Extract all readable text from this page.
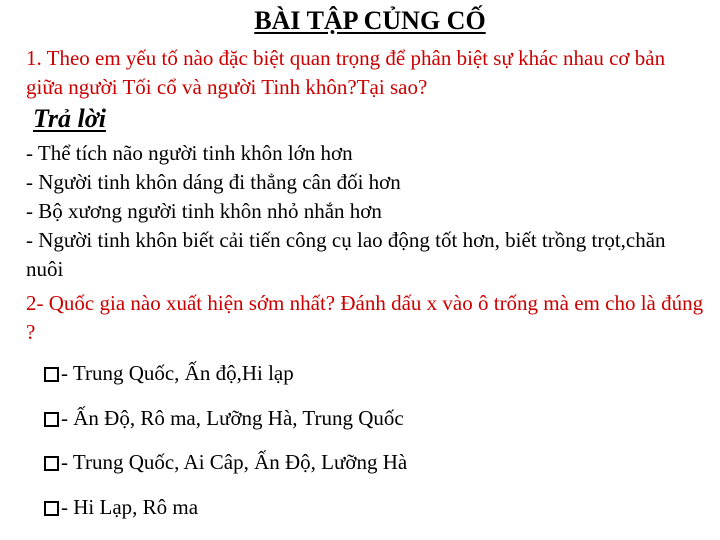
BÀI TẬP CỦNG CỐ
1. Theo em yếu tố nào đặc biệt quan trọng để phân biệt sự khác nhau cơ bản giữa người Tối cổ và người Tinh khôn?Tại sao?
Trả lời
- Thể tích não người tinh khôn lớn hơn
- Người tinh khôn dáng đi thẳng cân đối hơn
- Bộ xương người tinh khôn nhỏ nhắn hơn
- Người tinh khôn biết cải tiến công cụ lao động tốt hơn, biết trồng trọt,chăn nuôi
2- Quốc gia nào xuất hiện sớm nhất? Đánh dấu x vào ô trống mà em cho là đúng ?
- Trung Quốc, Ấn độ,Hi lạp
- Ấn Độ, Rô ma, Lưỡng Hà, Trung Quốc
- Trung Quốc, Ai Câp, Ấn Độ, Lưỡng Hà
- Hi Lạp, Rô ma
